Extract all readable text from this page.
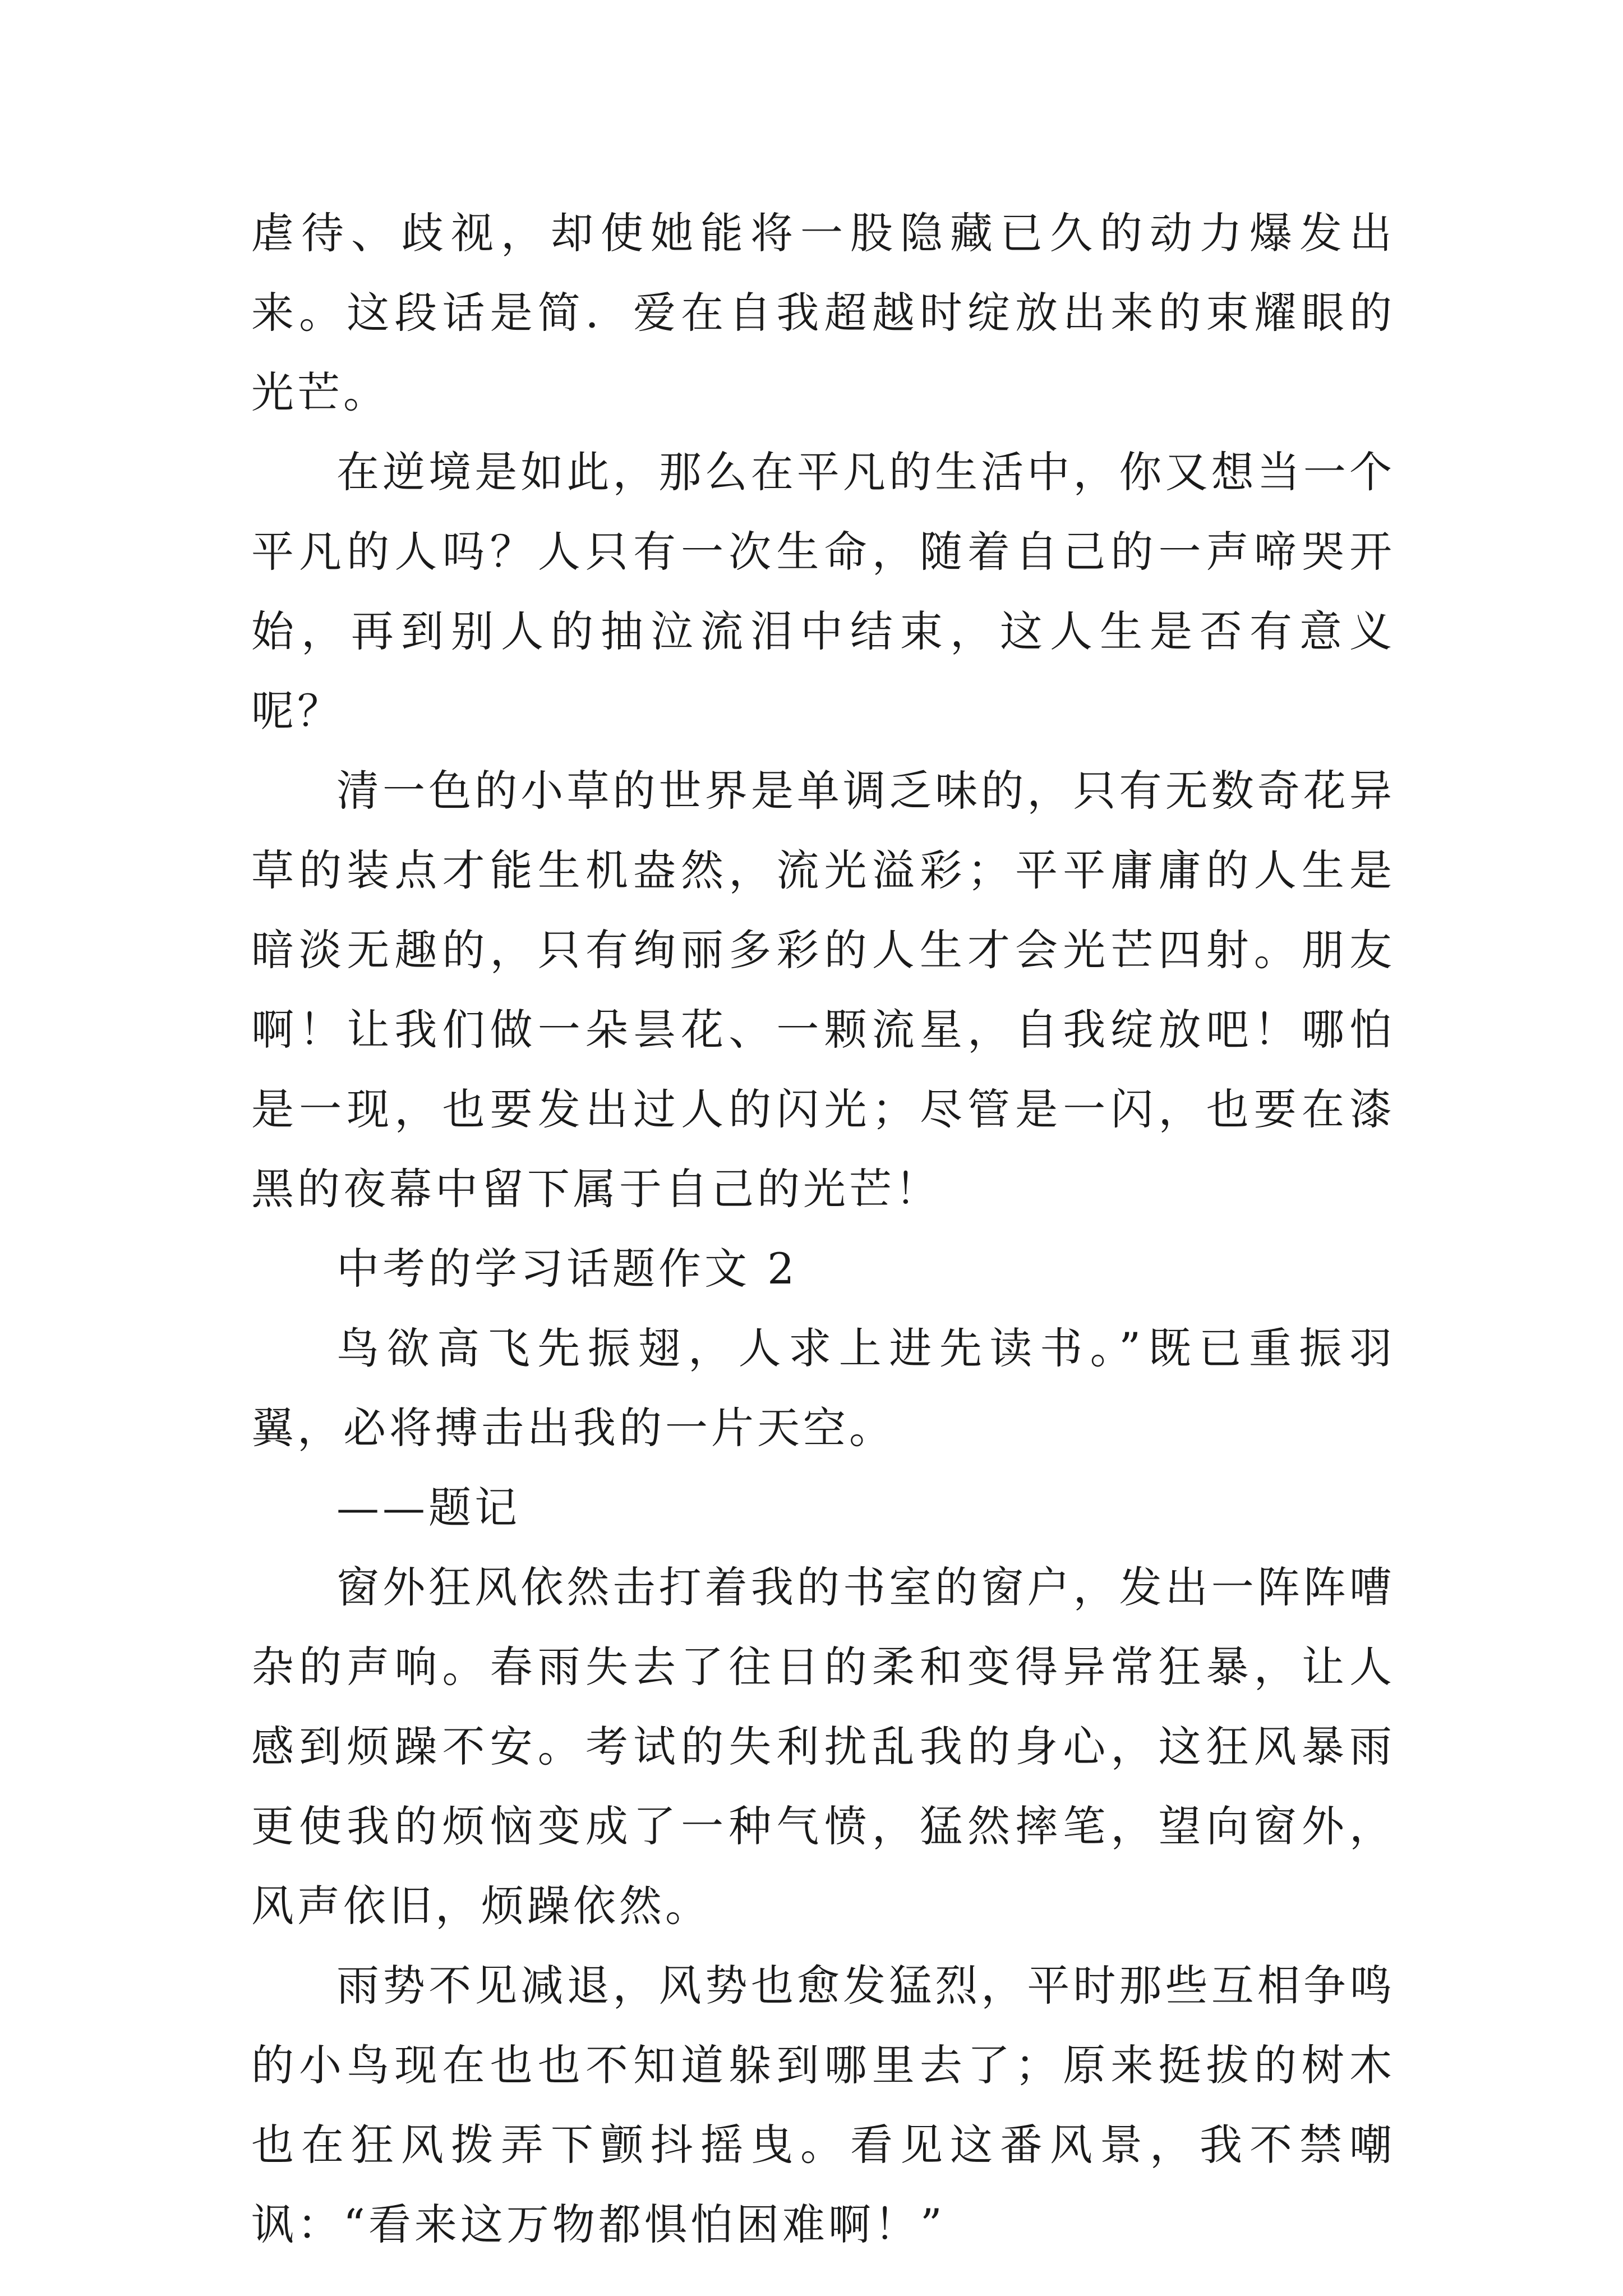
虐待、歧视，却使她能将一股隐藏已久的动力爆发出来。这段话是简．爱在自我超越时绽放出来的束耀眼的光芒。

在逆境是如此，那么在平凡的生活中，你又想当一个平凡的人吗？人只有一次生命，随着自己的一声啼哭开始，再到别人的抽泣流泪中结束，这人生是否有意义呢？

清一色的小草的世界是单调乏味的，只有无数奇花异草的装点才能生机盎然，流光溢彩；平平庸庸的人生是暗淡无趣的，只有绚丽多彩的人生才会光芒四射。朋友啊！让我们做一朵昙花、一颗流星，自我绽放吧！哪怕是一现，也要发出过人的闪光；尽管是一闪，也要在漆黑的夜幕中留下属于自己的光芒！

中考的学习话题作文 2

鸟欲高飞先振翅，人求上进先读书。”既已重振羽翼，必将搏击出我的一片天空。

——题记

窗外狂风依然击打着我的书室的窗户，发出一阵阵嘈杂的声响。春雨失去了往日的柔和变得异常狂暴，让人感到烦躁不安。考试的失利扰乱我的身心，这狂风暴雨更使我的烦恼变成了一种气愤，猛然摔笔，望向窗外，风声依旧，烦躁依然。

雨势不见减退，风势也愈发猛烈，平时那些互相争鸣的小鸟现在也也不知道躲到哪里去了；原来挺拔的树木也在狂风拨弄下颤抖摇曳。看见这番风景，我不禁嘲讽：“看来这万物都惧怕困难啊！”
